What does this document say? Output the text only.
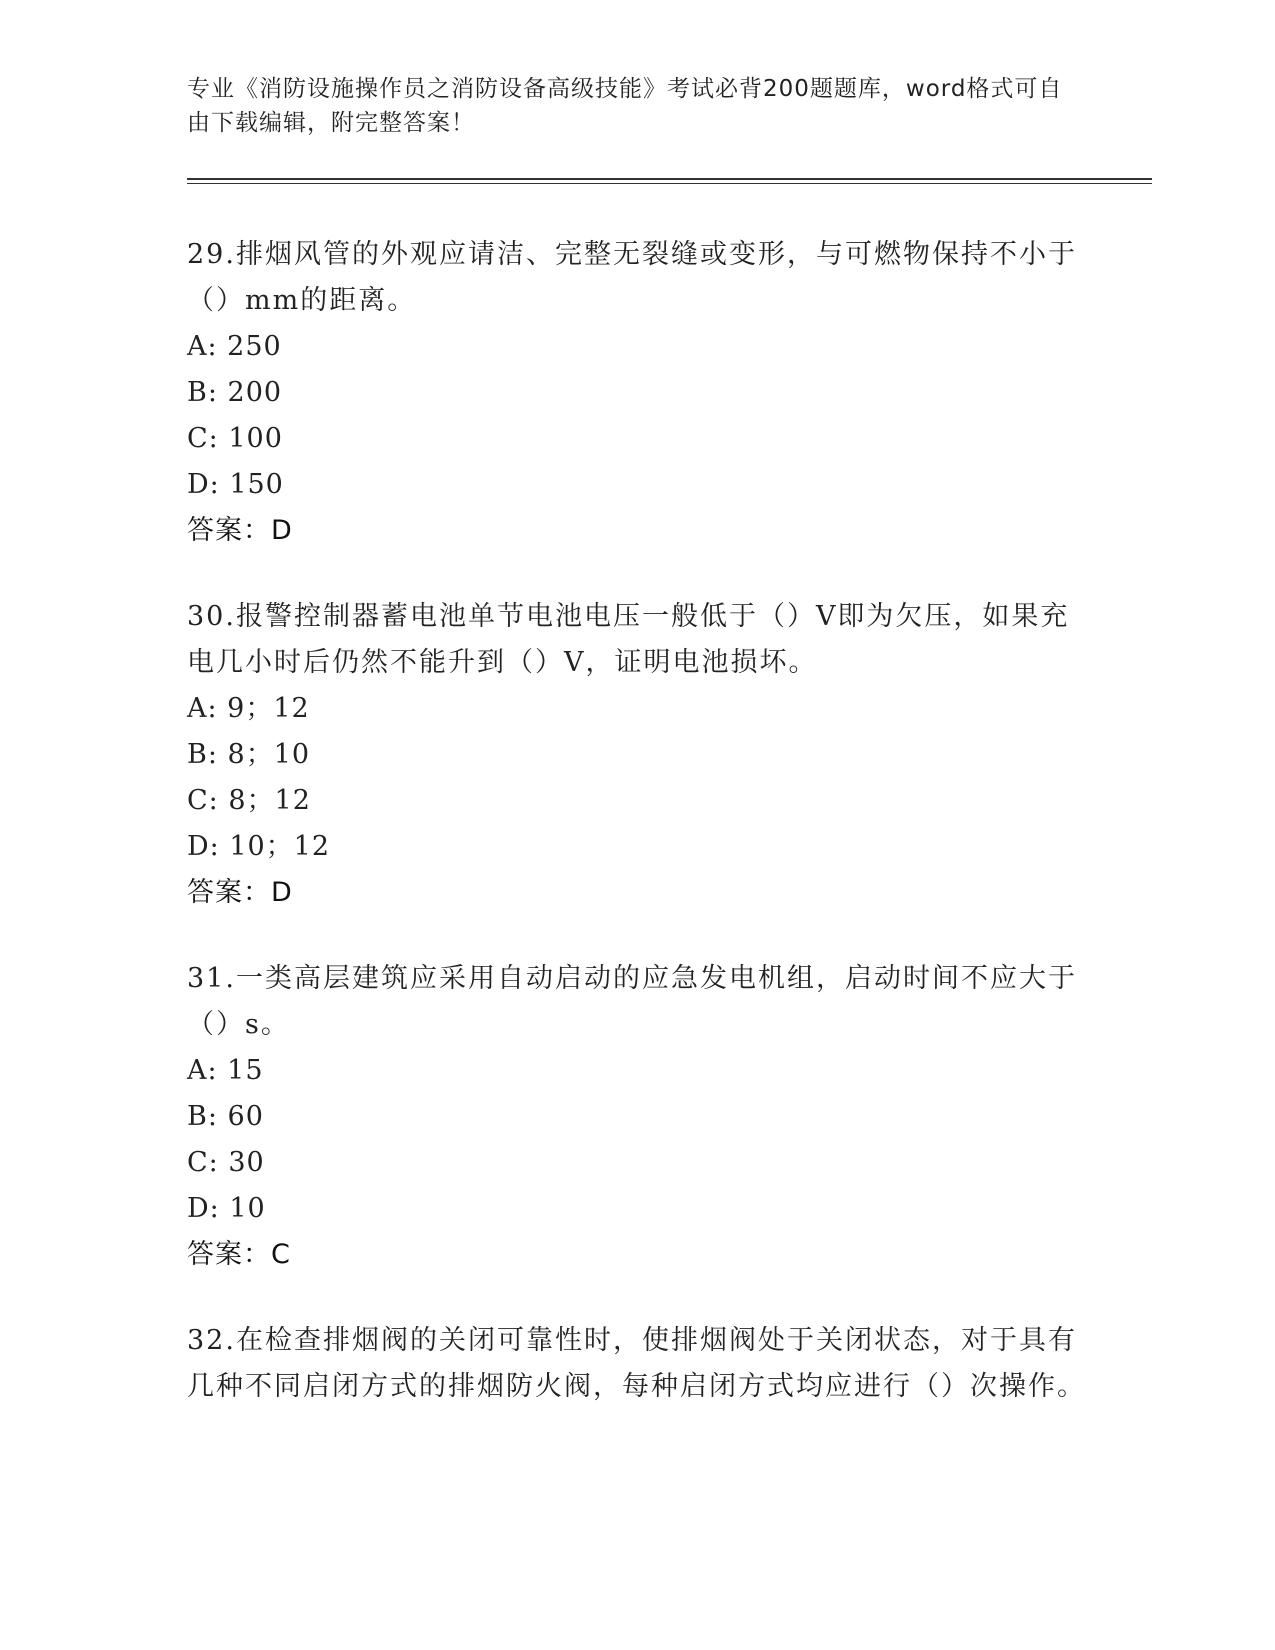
专业《消防设施操作员之消防设备高级技能》考试必背200题题库，word格式可自由下载编辑，附完整答案！
29.排烟风管的外观应请洁、完整无裂缝或变形，与可燃物保持不小于（）mm的距离。
A: 250
B: 200
C: 100
D: 150
答案：D
30.报警控制器蓄电池单节电池电压一般低于（）V即为欠压，如果充电几小时后仍然不能升到（）V，证明电池损坏。
A: 9；12
B: 8；10
C: 8；12
D: 10；12
答案：D
31.一类高层建筑应采用自动启动的应急发电机组，启动时间不应大于（）s。
A: 15
B: 60
C: 30
D: 10
答案：C
32.在检查排烟阀的关闭可靠性时，使排烟阀处于关闭状态，对于具有几种不同启闭方式的排烟防火阀，每种启闭方式均应进行（）次操作。
